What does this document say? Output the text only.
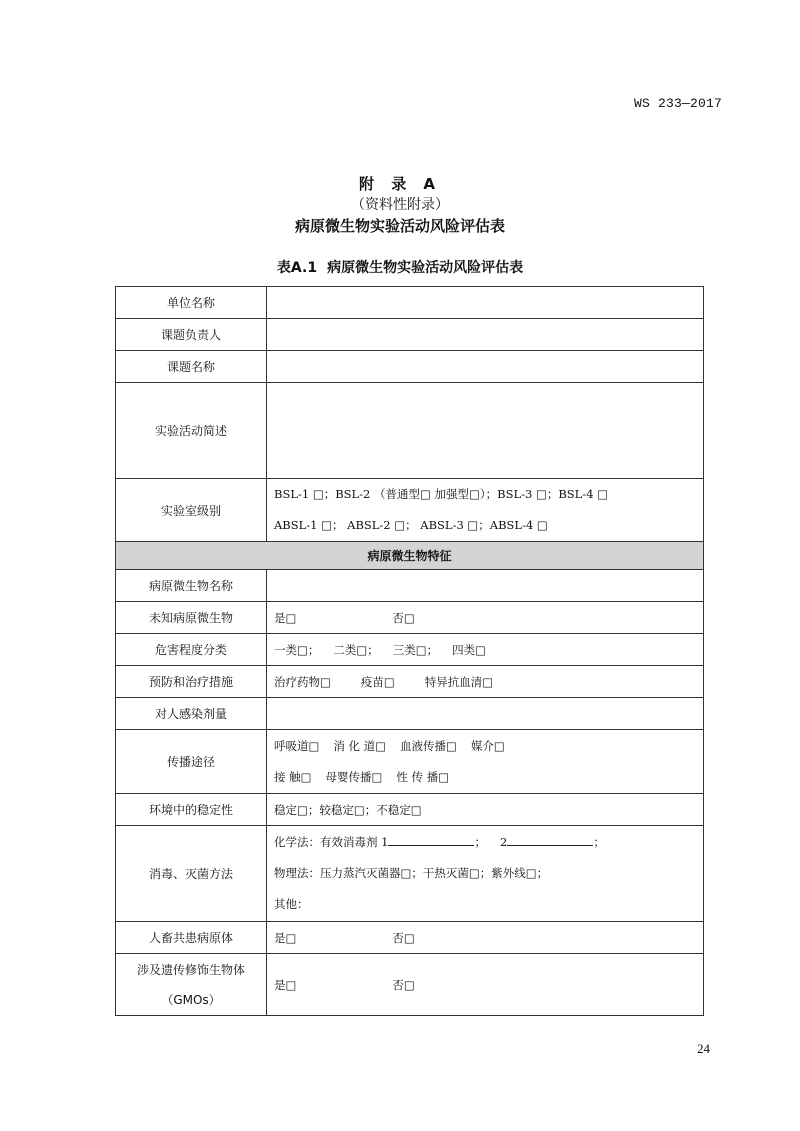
WS 233—2017
附 录 A
（资料性附录）
病原微生物实验活动风险评估表
表A.1 病原微生物实验活动风险评估表
单位名称	
课题负责人	
课题名称	
实验活动简述	
实验室级别	BSL-1 □；BSL-2 （普通型□ 加强型□）；BSL-3 □；BSL-4 □
ABSL-1 □； ABSL-2 □； ABSL-3 □；ABSL-4 □

病原微生物特征	
病原微生物名称	
未知病原微生物	是□ 否□
危害程度分类	一类□； 二类□； 三类□； 四类□
预防和治疗措施	治疗药物□ 疫苗□ 特异抗血清□
对人感染剂量	
传播途径	呼吸道□ 消 化 道□ 血液传播□ 媒介□
接 触□ 母婴传播□ 性 传 播□

环境中的稳定性	稳定□；较稳定□；不稳定□
消毒、灭菌方法	化学法：有效消毒剂 1 ； 2 ；
物理法：压力蒸汽灭菌器□；干热灭菌□；紫外线□；
其他：

人畜共患病原体	是□ 否□

涉及遗传修饰生物体
（GMOs）	是□ 否□
24
